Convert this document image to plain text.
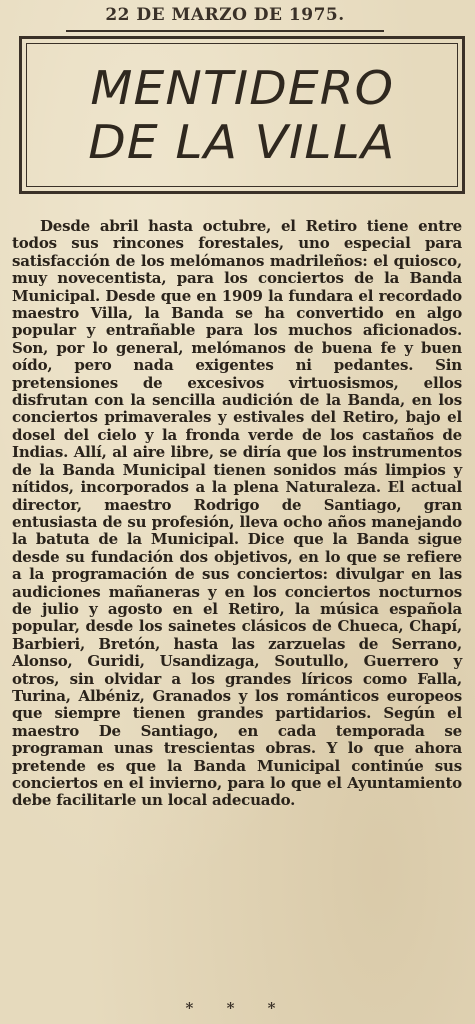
22 DE MARZO DE 1975.
MENTIDERO
DE LA VILLA

Desde abril hasta octubre, el Retiro tiene entre todos sus rincones forestales, uno especial para satisfacción de los melómanos madrileños: el quiosco, muy novecentista, para los conciertos de la Banda Municipal. Desde que en 1909 la fundara el recordado maestro Villa, la Banda se ha convertido en algo popular y entrañable para los muchos aficionados. Son, por lo general, melómanos de buena fe y buen oído, pero nada exigentes ni pedantes. Sin pretensiones de excesivos virtuosismos, ellos disfrutan con la sencilla audición de la Banda, en los conciertos primaverales y estivales del Retiro, bajo el dosel del cielo y la fronda verde de los castaños de Indias. Allí, al aire libre, se diría que los instrumentos de la Banda Municipal tienen sonidos más limpios y nítidos, incorporados a la plena Naturaleza. El actual director, maestro Rodrigo de Santiago, gran entusiasta de su profesión, lleva ocho años manejando la batuta de la Municipal. Dice que la Banda sigue desde su fundación dos objetivos, en lo que se refiere a la programación de sus conciertos: divulgar en las audiciones mañaneras y en los conciertos nocturnos de julio y agosto en el Retiro, la música española popular, desde los sainetes clásicos de Chueca, Chapí, Barbieri, Bretón, hasta las zarzuelas de Serrano, Alonso, Guridi, Usandizaga, Soutullo, Guerrero y otros, sin olvidar a los grandes líricos como Falla, Turina, Albéniz, Granados y los románticos europeos que siempre tienen grandes partidarios. Según el maestro De Santiago, en cada temporada se programan unas trescientas obras. Y lo que ahora pretende es que la Banda Municipal continúe sus conciertos en el invierno, para lo que el Ayuntamiento debe facilitarle un local adecuado.

* * *
